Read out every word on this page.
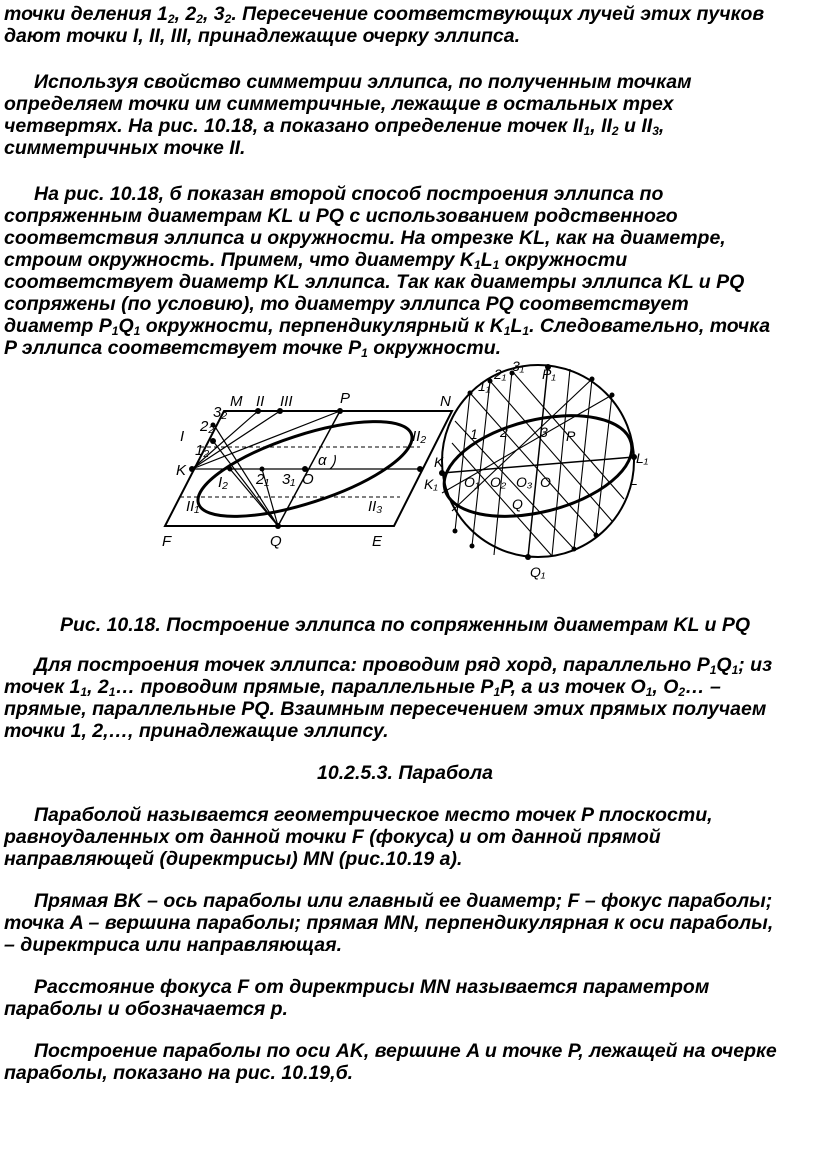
точки деления $1_2$, $2_2$, $3_2$. Пересечение соответствующих лучей этих пучков

дают точки I, II, III, принадлежащие очерку эллипса.

Используя свойство симметрии эллипса, по полученным точкам

определяем точки им симметричные, лежащие в остальных трех

четвертях. На рис. 10.18, а показано определение точек $II_1$, $II_2$ и $II_3$,

симметричных точке II.

На рис. 10.18, б показан второй способ построения эллипса по

сопряженным диаметрам KL и PQ с использованием родственного

соответствия эллипса и окружности. На отрезке KL, как на диаметре,

строим окружность. Примем, что диаметру $K_1L_1$ окружности

соответствует диаметр KL эллипса. Так как диаметры эллипса KL и PQ

сопряжены (по условию), то диаметру эллипса PQ соответствует

диаметр $P_1Q_1$ окружности, перпендикулярный к $K_1L_1$. Следовательно, точка

P эллипса соответствует точке $P_1$ окружности.

M II III	P	N
I
2₂
3₂
1₂
K
I₂
II₂
2₁ 3₁ O
α
II₁	II₃
F	Q	E
P₁
1 2 3
1₁
2₁ 3₁
K
K₁
L₁
L
O₁ O₂ O₃ O
P
Q
Q₁

Рис. 10.18. Построение эллипса по сопряженным диаметрам KL и PQ

Для построения точек эллипса: проводим ряд хорд, параллельно $P_1Q_1$; из

точек $1_1$, $2_1\dots$ проводим прямые, параллельные $P_1P$, а из точек $O_1$, $O_2\dots$ –

прямые, параллельные PQ. Взаимным пересечением этих прямых получаем

точки 1, 2,…, принадлежащие эллипсу.

10.2.5.3. Парабола

Параболой называется геометрическое место точек P плоскости,

равноудаленных от данной точки F (фокуса) и от данной прямой

направляющей (директрисы) MN (рис.10.19 а).

Прямая BK – ось параболы или главный ее диаметр; F – фокус параболы;

точка A – вершина параболы; прямая MN, перпендикулярная к оси параболы,

– директриса или направляющая.

Расстояние фокуса F от директрисы MN называется параметром

параболы и обозначается p.

Построение параболы по оси AK, вершине A и точке P, лежащей на очерке

параболы, показано на рис. 10.19,б.
